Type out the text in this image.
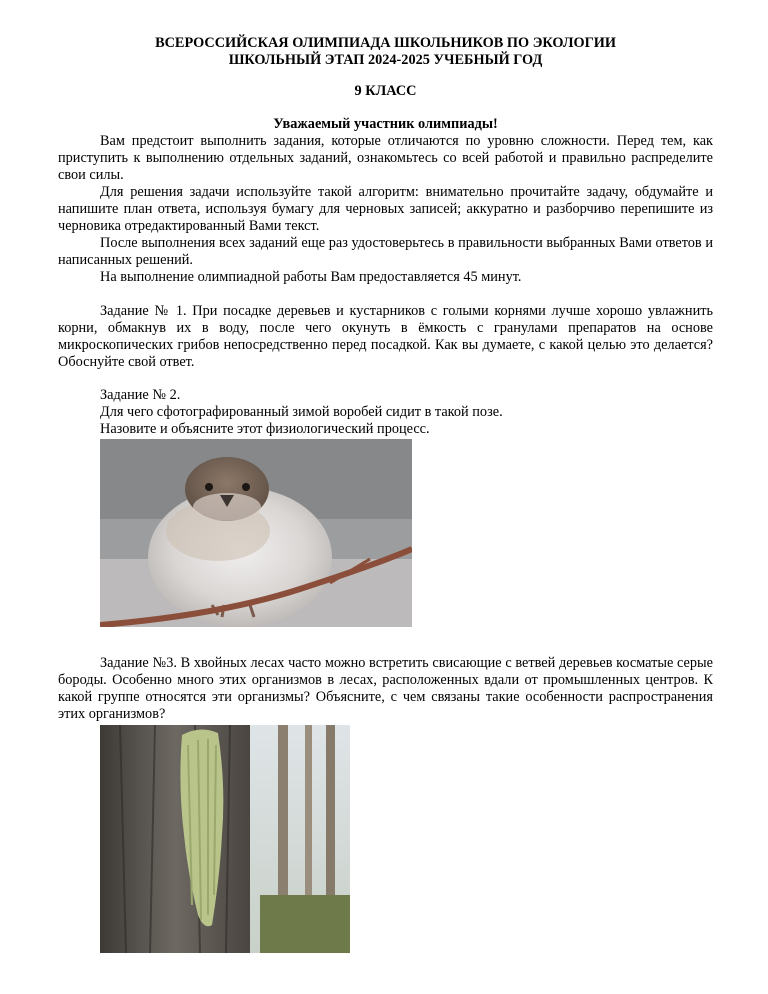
ВСЕРОССИЙСКАЯ ОЛИМПИАДА ШКОЛЬНИКОВ ПО ЭКОЛОГИИ
ШКОЛЬНЫЙ ЭТАП 2024-2025 УЧЕБНЫЙ ГОД
9 КЛАСС
Уважаемый участник олимпиады!

Вам предстоит выполнить задания, которые отличаются по уровню сложности. Перед тем, как приступить к выполнению отдельных заданий, ознакомьтесь со всей работой и правильно распределите свои силы.

Для решения задачи используйте такой алгоритм: внимательно прочитайте задачу, обдумайте и напишите план ответа, используя бумагу для черновых записей; аккуратно и разборчиво перепишите из черновика отредактированный Вами текст.

После выполнения всех заданий еще раз удостоверьтесь в правильности выбранных Вами ответов и написанных решений.

На выполнение олимпиадной работы Вам предоставляется 45 минут.

Задание № 1. При посадке деревьев и кустарников с голыми корнями лучше хорошо увлажнить корни, обмакнув их в воду, после чего окунуть в ёмкость с гранулами препаратов на основе микроскопических грибов непосредственно перед посадкой. Как вы думаете, с какой целью это делается? Обоснуйте свой ответ.

Задание № 2.

Для чего сфотографированный зимой воробей сидит в такой позе.

Назовите и объясните этот физиологический процесс.

Задание №3. В хвойных лесах часто можно встретить свисающие с ветвей деревьев косматые серые бороды. Особенно много этих организмов в лесах, расположенных вдали от промышленных центров. К какой группе относятся эти организмы? Объясните, с чем связаны такие особенности распространения этих организмов?
